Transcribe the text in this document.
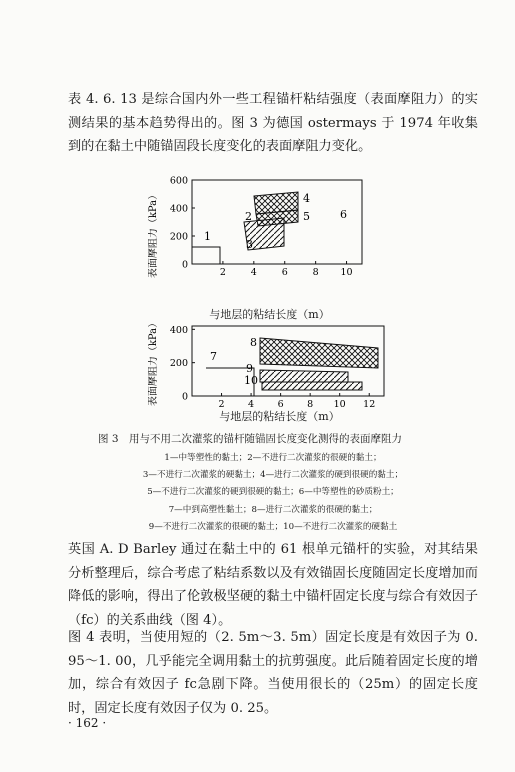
表 4. 6. 13 是综合国内外一些工程锚杆粘结强度（表面摩阻力）的实测结果的基本趋势得出的。图 3 为德国 ostermays 于 1974 年收集到的在黏土中随锚固段长度变化的表面摩阻力变化。

表面摩阻力（kPa）	2	4	6	8 10
0
200
400
600
1
2
3
4
5	6
与地层的粘结长度（m）
表面摩阻力（kPa）	2 4 6 8 10 12
0
200
400
7
8
9
10
与地层的粘结长度（m）
图 3　用与不用二次灌浆的锚杆随锚固长度变化测得的表面摩阻力
1—中等塑性的黏土；2—不进行二次灌浆的很硬的黏土；
3—不进行二次灌浆的硬黏土；4—进行二次灌浆的硬到很硬的黏土；
5—不进行二次灌浆的硬到很硬的黏土；6—中等塑性的砂质粉土；
7—中到高塑性黏土；8—进行二次灌浆的很硬的黏土；
9—不进行二次灌浆的很硬的黏土；10—不进行二次灌浆的硬黏土

英国 A. D Barley 通过在黏土中的 61 根单元锚杆的实验，对其结果分析整理后，综合考虑了粘结系数以及有效锚固长度随固定长度增加而降低的影响，得出了伦敦极坚硬的黏土中锚杆固定长度与综合有效因子（fc）的关系曲线（图 4）。

图 4 表明，当使用短的（2. 5m～3. 5m）固定长度是有效因子为 0. 95～1. 00，几乎能完全调用黏土的抗剪强度。此后随着固定长度的增加，综合有效因子 fc急剧下降。当使用很长的（25m）的固定长度时，固定长度有效因子仅为 0. 25。

· 162 ·
